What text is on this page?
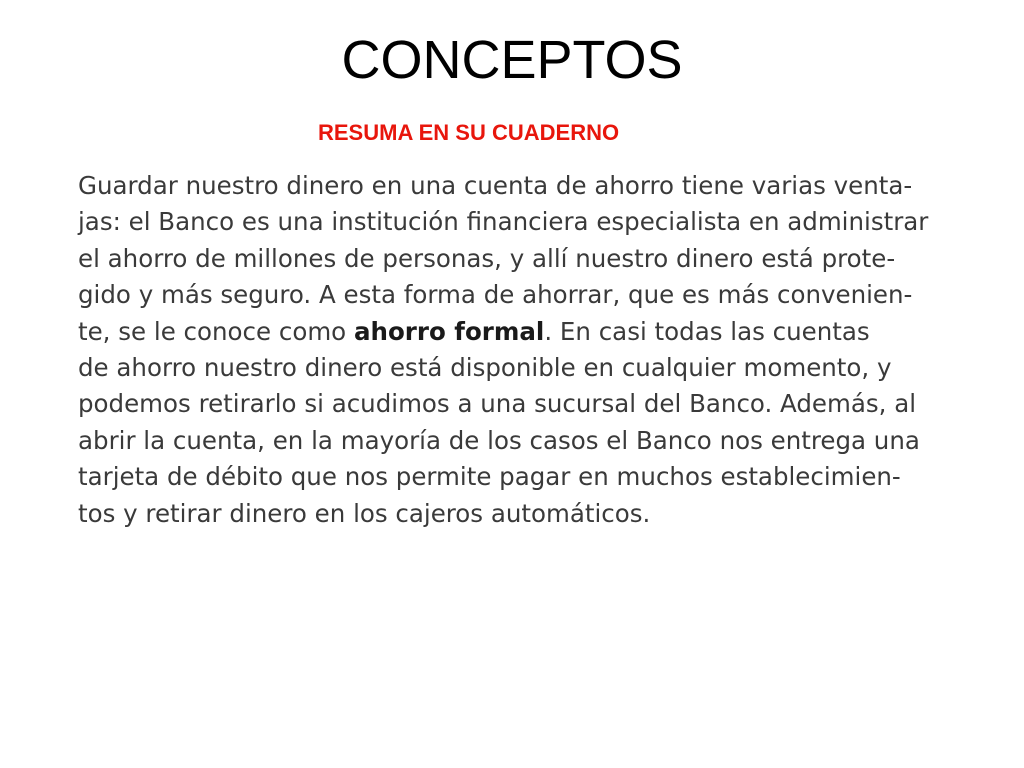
CONCEPTOS
RESUMA EN SU CUADERNO
Guardar nuestro dinero en una cuenta de ahorro tiene varias venta-
jas: el Banco es una institución financiera especialista en administrar
el ahorro de millones de personas, y allí nuestro dinero está prote-
gido y más seguro. A esta forma de ahorrar, que es más convenien-
te, se le conoce como ahorro formal. En casi todas las cuentas
de ahorro nuestro dinero está disponible en cualquier momento, y
podemos retirarlo si acudimos a una sucursal del Banco. Además, al
abrir la cuenta, en la mayoría de los casos el Banco nos entrega una
tarjeta de débito que nos permite pagar en muchos establecimien-
tos y retirar dinero en los cajeros automáticos.
